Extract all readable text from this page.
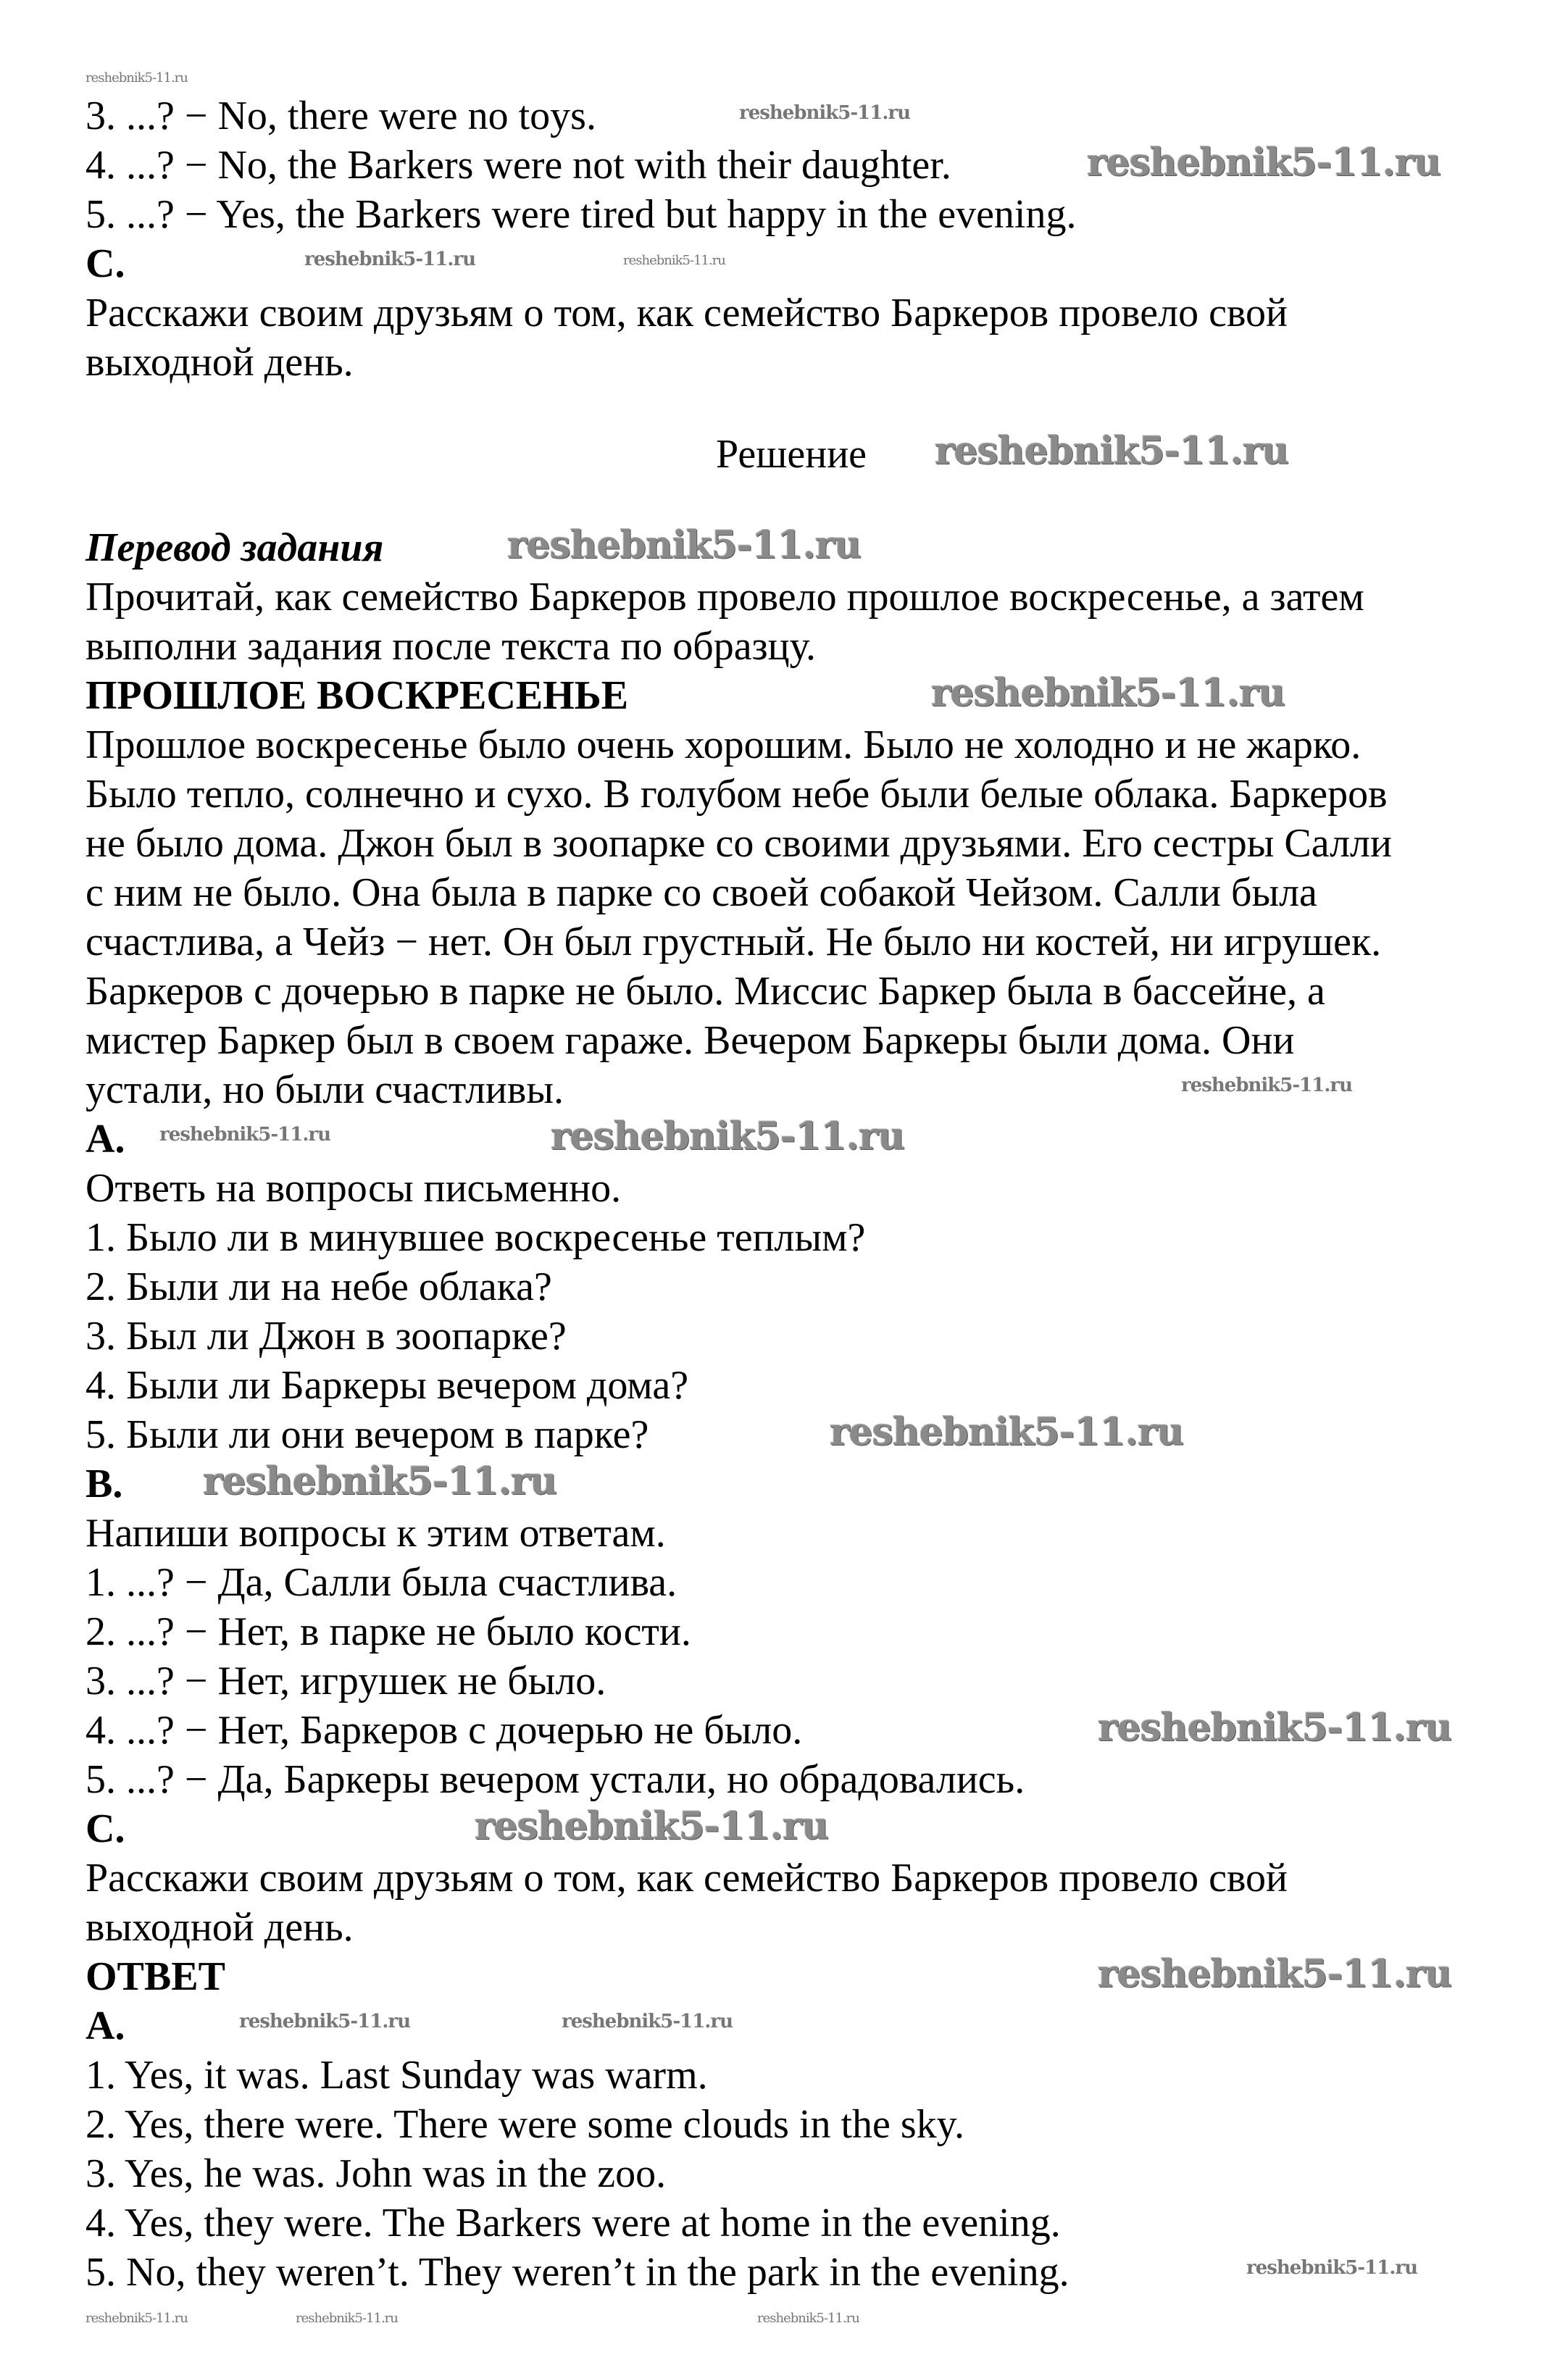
3. ...? − No, there were no toys.
4. ...? − No, the Barkers were not with their daughter.
5. ...? − Yes, the Barkers were tired but happy in the evening.
C.
Расскажи своим друзьям о том, как семейство Баркеров провело свой
выходной день.
Решение
Перевод задания
Прочитай, как семейство Баркеров провело прошлое воскресенье, а затем
выполни задания после текста по образцу.
ПРОШЛОЕ ВОСКРЕСЕНЬЕ
Прошлое воскресенье было очень хорошим. Было не холодно и не жарко.
Было тепло, солнечно и сухо. В голубом небе были белые облака. Баркеров
не было дома. Джон был в зоопарке со своими друзьями. Его сестры Салли
с ним не было. Она была в парке со своей собакой Чейзом. Салли была
счастлива, а Чейз − нет. Он был грустный. Не было ни костей, ни игрушек.
Баркеров с дочерью в парке не было. Миссис Баркер была в бассейне, а
мистер Баркер был в своем гараже. Вечером Баркеры были дома. Они
устали, но были счастливы.
A.
Ответь на вопросы письменно.
1. Было ли в минувшее воскресенье теплым?
2. Были ли на небе облака?
3. Был ли Джон в зоопарке?
4. Были ли Баркеры вечером дома?
5. Были ли они вечером в парке?
B.
Напиши вопросы к этим ответам.
1. ...? − Да, Салли была счастлива.
2. ...? − Нет, в парке не было кости.
3. ...? − Нет, игрушек не было.
4. ...? − Нет, Баркеров с дочерью не было.
5. ...? − Да, Баркеры вечером устали, но обрадовались.
C.
Расскажи своим друзьям о том, как семейство Баркеров провело свой
выходной день.
ОТВЕТ
A.
1. Yes, it was. Last Sunday was warm.
2. Yes, there were. There were some clouds in the sky.
3. Yes, he was. John was in the zoo.
4. Yes, they were. The Barkers were at home in the evening.
5. No, they weren’t. They weren’t in the park in the evening.
reshebnik5-11.ru
reshebnik5-11.ru
reshebnik5-11.ru
reshebnik5-11.ru	reshebnik5-11.ru
reshebnik5-11.ru
reshebnik5-11.ru
reshebnik5-11.ru
reshebnik5-11.ru
reshebnik5-11.ru	reshebnik5-11.ru
reshebnik5-11.ru
reshebnik5-11.ru
reshebnik5-11.ru
reshebnik5-11.ru
reshebnik5-11.ru
reshebnik5-11.ru	reshebnik5-11.ru
reshebnik5-11.ru
reshebnik5-11.ru	reshebnik5-11.ru	reshebnik5-11.ru
